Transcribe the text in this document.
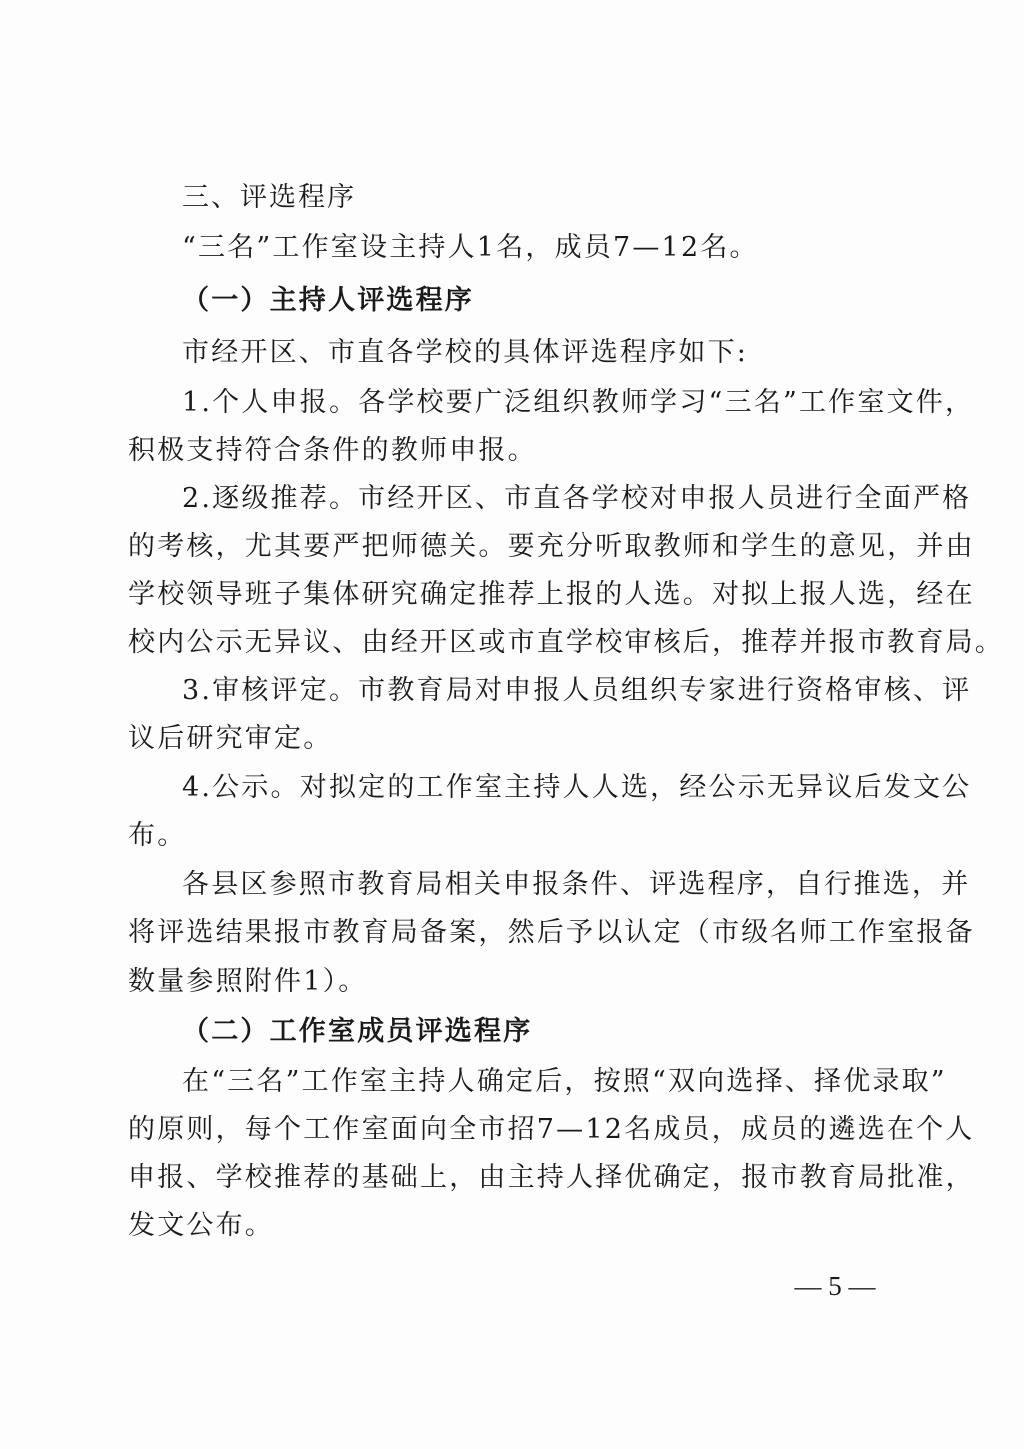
三、评选程序
“三名”工作室设主持人1名，成员7—12名。
（一）主持人评选程序
市经开区、市直各学校的具体评选程序如下:
1.个人申报。各学校要广泛组织教师学习“三名”工作室文件，
积极支持符合条件的教师申报。
2.逐级推荐。市经开区、市直各学校对申报人员进行全面严格
的考核，尤其要严把师德关。要充分听取教师和学生的意见，并由
学校领导班子集体研究确定推荐上报的人选。对拟上报人选，经在
校内公示无异议、由经开区或市直学校审核后，推荐并报市教育局。
3.审核评定。市教育局对申报人员组织专家进行资格审核、评
议后研究审定。
4.公示。对拟定的工作室主持人人选，经公示无异议后发文公
布。
各县区参照市教育局相关申报条件、评选程序，自行推选，并
将评选结果报市教育局备案，然后予以认定（市级名师工作室报备
数量参照附件1）。
（二）工作室成员评选程序
在“三名”工作室主持人确定后，按照“双向选择、择优录取”
的原则，每个工作室面向全市招7—12名成员，成员的遴选在个人
申报、学校推荐的基础上，由主持人择优确定，报市教育局批准，
发文公布。
— 5 —
